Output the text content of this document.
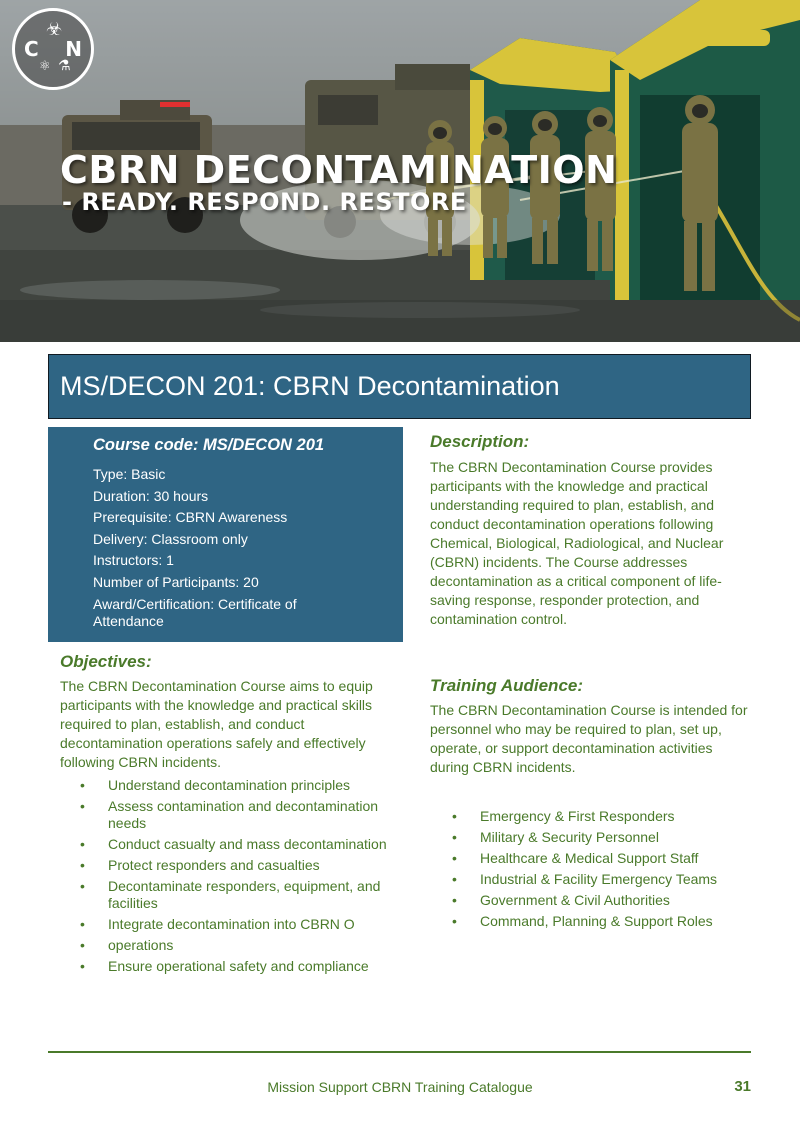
C
☣
⚛ ⚗
N
CBRN DECONTAMINATION
- READY. RESPOND. RESTORE
MS/DECON 201: CBRN Decontamination
Course code: MS/DECON 201
Type: Basic
Duration: 30 hours
Prerequisite: CBRN Awareness
Delivery: Classroom only
Instructors: 1
Number of Participants: 20
Award/Certification: Certificate of
Attendance
Objectives:
The CBRN Decontamination Course aims to equip participants with the knowledge and practical skills required to plan, establish, and conduct decontamination operations safely and effectively following CBRN incidents.
• Understand decontamination principles
• Assess contamination and decontamination needs
• Conduct casualty and mass decontamination
• Protect responders and casualties
• Decontaminate responders, equipment, and facilities
• Integrate decontamination into CBRN O
• operations
• Ensure operational safety and compliance
Description:
The CBRN Decontamination Course provides participants with the knowledge and practical understanding required to plan, establish, and conduct decontamination operations following Chemical, Biological, Radiological, and Nuclear (CBRN) incidents. The Course addresses decontamination as a critical component of life-saving response, responder protection, and contamination control.
Training Audience:
The CBRN Decontamination Course is intended for personnel who may be required to plan, set up, operate, or support decontamination activities during CBRN incidents.
• Emergency & First Responders
• Military & Security Personnel
• Healthcare & Medical Support Staff
• Industrial & Facility Emergency Teams
• Government & Civil Authorities
• Command, Planning & Support Roles
Mission Support CBRN Training Catalogue	31
